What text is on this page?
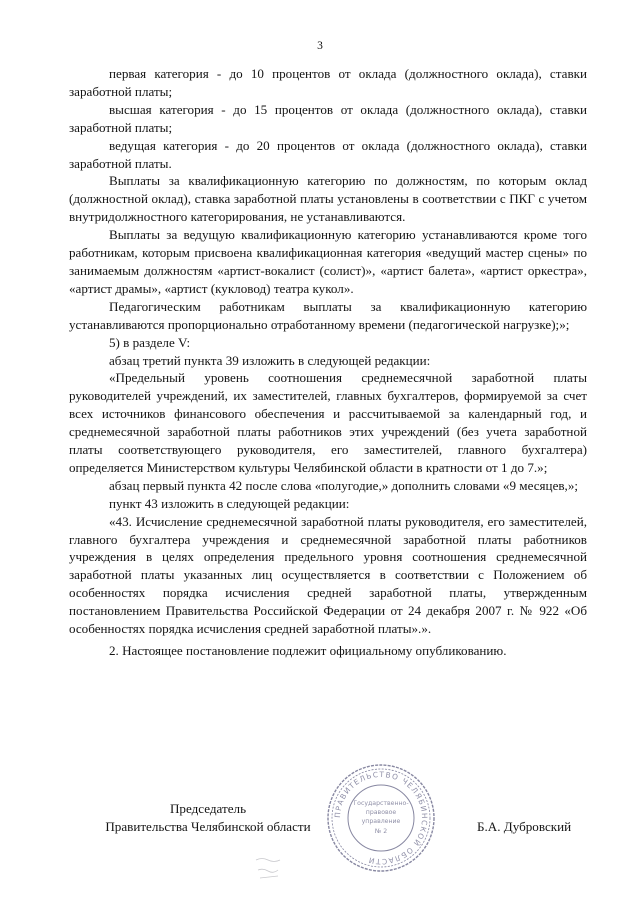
3

первая категория - до 10 процентов от оклада (должностного оклада), ставки заработной платы;

высшая категория - до 15 процентов от оклада (должностного оклада), ставки заработной платы;

ведущая категория - до 20 процентов от оклада (должностного оклада), ставки заработной платы.

Выплаты за квалификационную категорию по должностям, по которым оклад (должностной оклад), ставка заработной платы установлены в соответствии с ПКГ с учетом внутридолжностного категорирования, не устанавливаются.

Выплаты за ведущую квалификационную категорию устанавливаются кроме того работникам, которым присвоена квалификационная категория «ведущий мастер сцены» по занимаемым должностям «артист-вокалист (солист)», «артист балета», «артист оркестра», «артист драмы», «артист (кукловод) театра кукол».

Педагогическим работникам выплаты за квалификационную категорию устанавливаются пропорционально отработанному времени (педагогической нагрузке);»;

5) в разделе V:

абзац третий пункта 39 изложить в следующей редакции:

«Предельный уровень соотношения среднемесячной заработной платы руководителей учреждений, их заместителей, главных бухгалтеров, формируемой за счет всех источников финансового обеспечения и рассчитываемой за календарный год, и среднемесячной заработной платы работников этих учреждений (без учета заработной платы соответствующего руководителя, его заместителей, главного бухгалтера) определяется Министерством культуры Челябинской области в кратности от 1 до 7.»;

абзац первый пункта 42 после слова «полугодие,» дополнить словами «9 месяцев,»;

пункт 43 изложить в следующей редакции:

«43. Исчисление среднемесячной заработной платы руководителя, его заместителей, главного бухгалтера учреждения и среднемесячной заработной платы работников учреждения в целях определения предельного уровня соотношения среднемесячной заработной платы указанных лиц осуществляется в соответствии с Положением об особенностях порядка исчисления средней заработной платы, утвержденным постановлением Правительства Российской Федерации от 24 декабря 2007 г. № 922 «Об особенностях порядка исчисления средней заработной платы».».

2. Настоящее постановление подлежит официальному опубликованию.

Председатель
Правительства Челябинской области	Б.А. Дубровский
ПРАВИТЕЛЬСТВО ЧЕЛЯБИНСКОЙ ОБЛАСТИ
Государственно-
правовое
управление
№ 2
